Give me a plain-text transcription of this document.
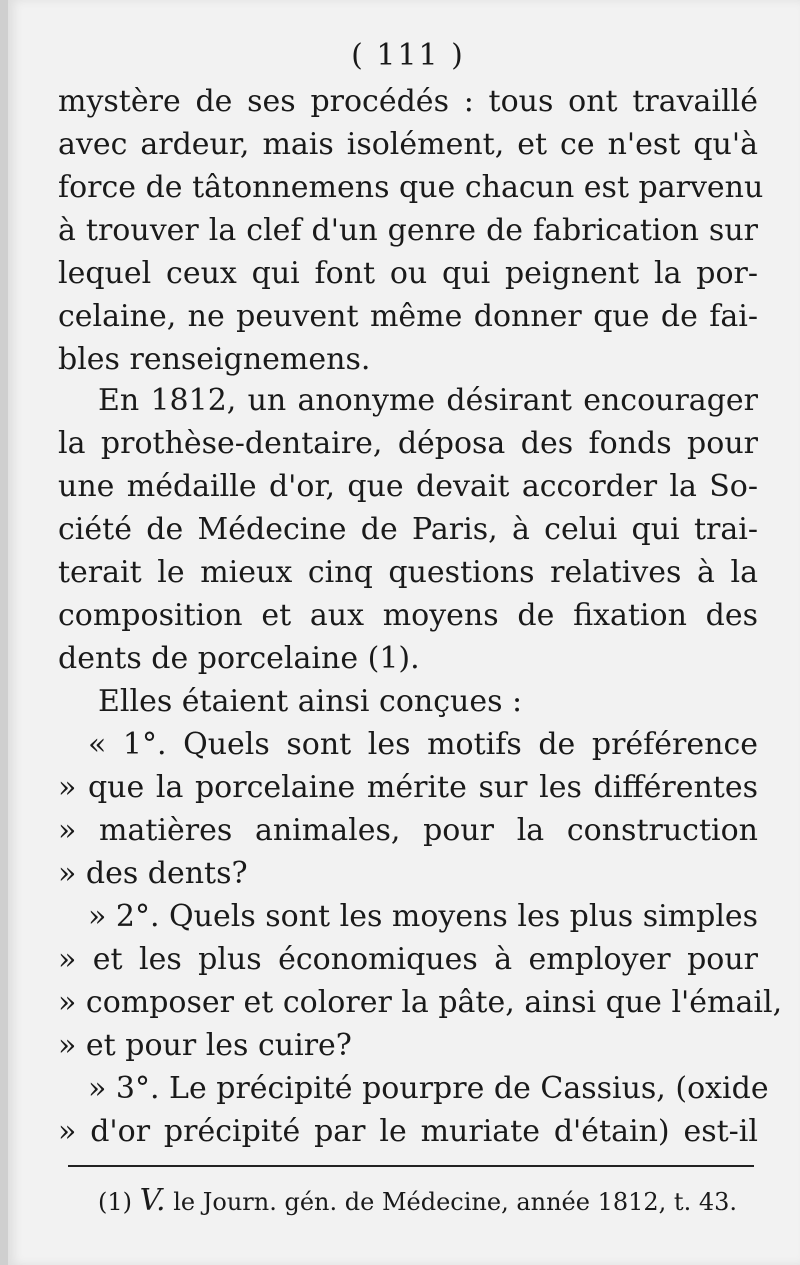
( 111 )
mystère de ses procédés : tous ont travaillé
avec ardeur, mais isolément, et ce n'est qu'à
force de tâtonnemens que chacun est parvenu
à trouver la clef d'un genre de fabrication sur
lequel ceux qui font ou qui peignent la por-
celaine, ne peuvent même donner que de fai-
bles renseignemens.
En 1812, un anonyme désirant encourager
la prothèse-dentaire, déposa des fonds pour
une médaille d'or, que devait accorder la So-
ciété de Médecine de Paris, à celui qui trai-
terait le mieux cinq questions relatives à la
composition et aux moyens de fixation des
dents de porcelaine (1).
Elles étaient ainsi conçues :
« 1°. Quels sont les motifs de préférence
» que la porcelaine mérite sur les différentes
» matières animales, pour la construction
» des dents?
» 2°. Quels sont les moyens les plus simples
» et les plus économiques à employer pour
» composer et colorer la pâte, ainsi que l'émail,
» et pour les cuire?
» 3°. Le précipité pourpre de Cassius, (oxide
» d'or précipité par le muriate d'étain) est-il
(1) V. le Journ. gén. de Médecine, année 1812, t. 43.
